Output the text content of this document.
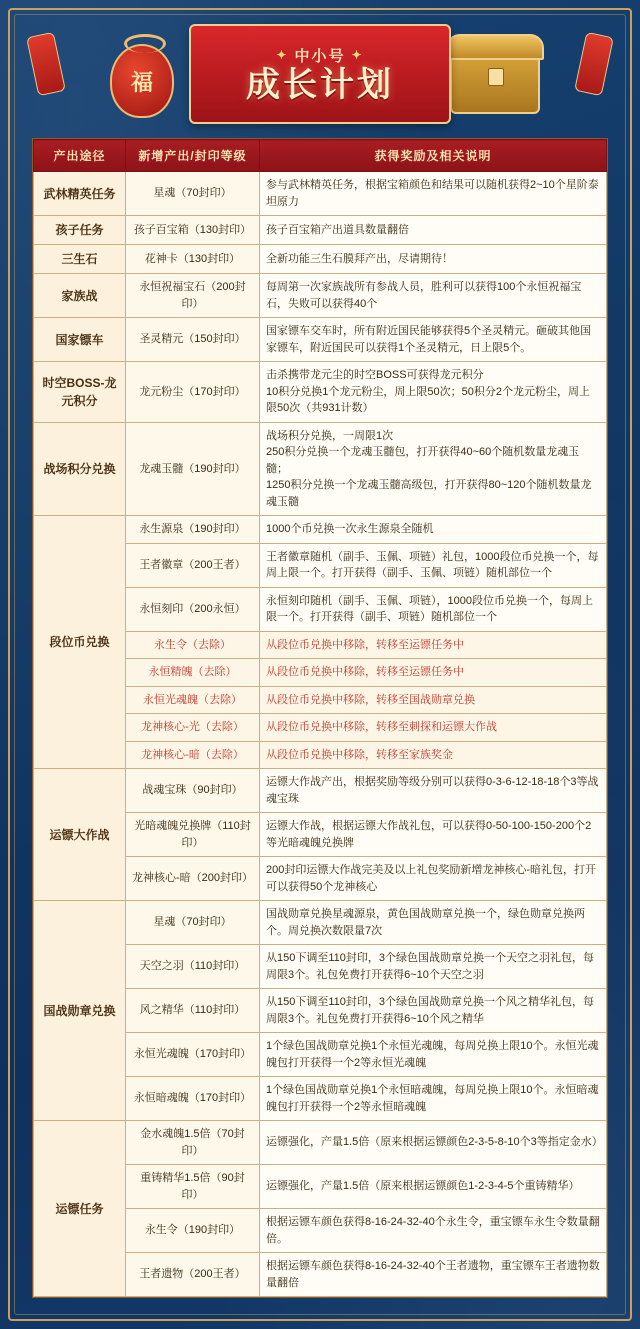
福
✦ 中小号 ✦
成长计划
产出途径	新增产出/封印等级	获得奖励及相关说明
武林精英任务	星魂（70封印）	参与武林精英任务，根据宝箱颜色和结果可以随机获得2~10个星阶泰坦原力
孩子任务	孩子百宝箱（130封印）	孩子百宝箱产出道具数量翻倍
三生石	花神卡（130封印）	全新功能三生石膜拜产出，尽请期待！
家族战	永恒祝福宝石（200封印）	每周第一次家族战所有参战人员，胜利可以获得100个永恒祝福宝石，失败可以获得40个
国家镖车	圣灵精元（150封印）	国家镖车交车时，所有附近国民能够获得5个圣灵精元。砸破其他国家镖车，附近国民可以获得1个圣灵精元，日上限5个。
时空BOSS-龙元积分	龙元粉尘（170封印）	击杀携带龙元尘的时空BOSS可获得龙元积分
10积分兑换1个龙元粉尘，周上限50次；50积分2个龙元粉尘，周上限50次（共931计数）
战场积分兑换	龙魂玉髓（190封印）	战场积分兑换，一周限1次
250积分兑换一个龙魂玉髓包，打开获得40~60个随机数量龙魂玉髓；
1250积分兑换一个龙魂玉髓高级包，打开获得80~120个随机数量龙魂玉髓
段位币兑换	永生源泉（190封印）	1000个币兑换一次永生源泉全随机
	王者徽章（200王者）	王者徽章随机（副手、玉佩、项链）礼包，1000段位币兑换一个，每周上限一个。打开获得（副手、玉佩、项链）随机部位一个
	永恒刻印（200永恒）	永恒刻印随机（副手、玉佩、项链），1000段位币兑换一个，每周上限一个。打开获得（副手、项链）随机部位一个
	永生令（去除）	从段位币兑换中移除，转移至运镖任务中
	永恒精魄（去除）	从段位币兑换中移除，转移至运镖任务中
	永恒光魂魄（去除）	从段位币兑换中移除，转移至国战勋章兑换
	龙神核心-光（去除）	从段位币兑换中移除，转移至刺探和运镖大作战
	龙神核心-暗（去除）	从段位币兑换中移除，转移至家族奖金
运镖大作战	战魂宝珠（90封印）	运镖大作战产出，根据奖励等级分别可以获得0-3-6-12-18-18个3等战魂宝珠
	光暗魂魄兑换牌（110封印）	运镖大作战，根据运镖大作战礼包，可以获得0-50-100-150-200个2等光暗魂魄兑换牌
	龙神核心-暗（200封印）	200封印运镖大作战完美及以上礼包奖励新增龙神核心-暗礼包，打开可以获得50个龙神核心
国战勋章兑换	星魂（70封印）	国战勋章兑换星魂源泉，黄色国战勋章兑换一个，绿色勋章兑换两个。周兑换次数限量7次
	天空之羽（110封印）	从150下调至110封印，3个绿色国战勋章兑换一个天空之羽礼包，每周限3个。礼包免费打开获得6~10个天空之羽
	风之精华（110封印）	从150下调至110封印，3个绿色国战勋章兑换一个风之精华礼包，每周限3个。礼包免费打开获得6~10个风之精华
	永恒光魂魄（170封印）	1个绿色国战勋章兑换1个永恒光魂魄，每周兑换上限10个。永恒光魂魄包打开获得一个2等永恒光魂魄
	永恒暗魂魄（170封印）	1个绿色国战勋章兑换1个永恒暗魂魄，每周兑换上限10个。永恒暗魂魄包打开获得一个2等永恒暗魂魄
运镖任务	金水魂魄1.5倍（70封印）	运镖强化，产量1.5倍（原来根据运镖颜色2-3-5-8-10个3等指定金水）
	重铸精华1.5倍（90封印）	运镖强化，产量1.5倍（原来根据运镖颜色1-2-3-4-5个重铸精华）
	永生令（190封印）	根据运镖车颜色获得8-16-24-32-40个永生令，重宝镖车永生令数量翻倍。
	王者遗物（200王者）	根据运镖车颜色获得8-16-24-32-40个王者遗物，重宝镖车王者遗物数量翻倍
